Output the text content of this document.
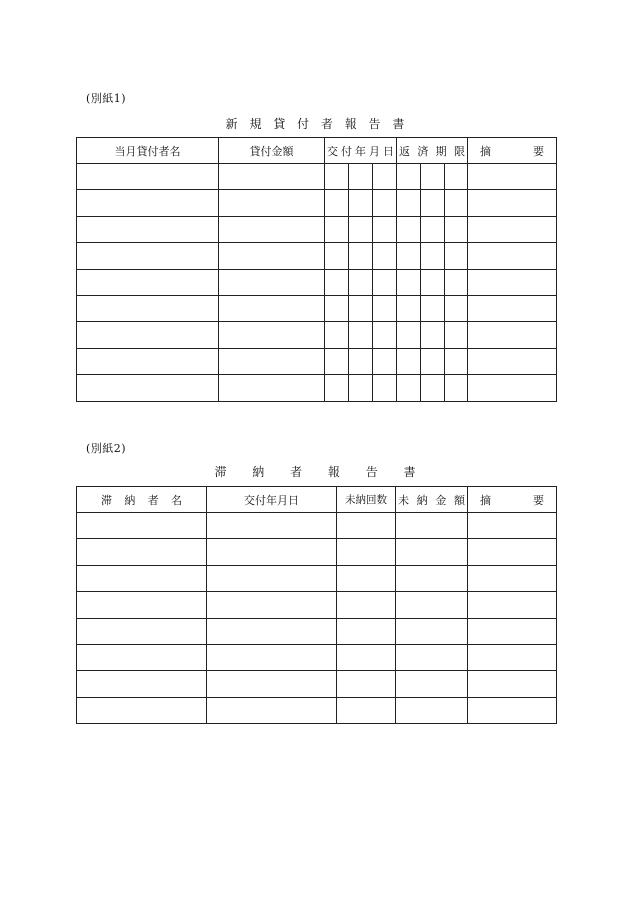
(別紙1)
新 規 貸 付 者 報 告 書
当月貸付者名	貸付金額	交 付 年 月 日			返 済 期 限			摘 要

(別紙2)
滞 納 者 報 告 書
滞 納 者 名	交付年月日	未納回数	未 納 金 額	摘 要
